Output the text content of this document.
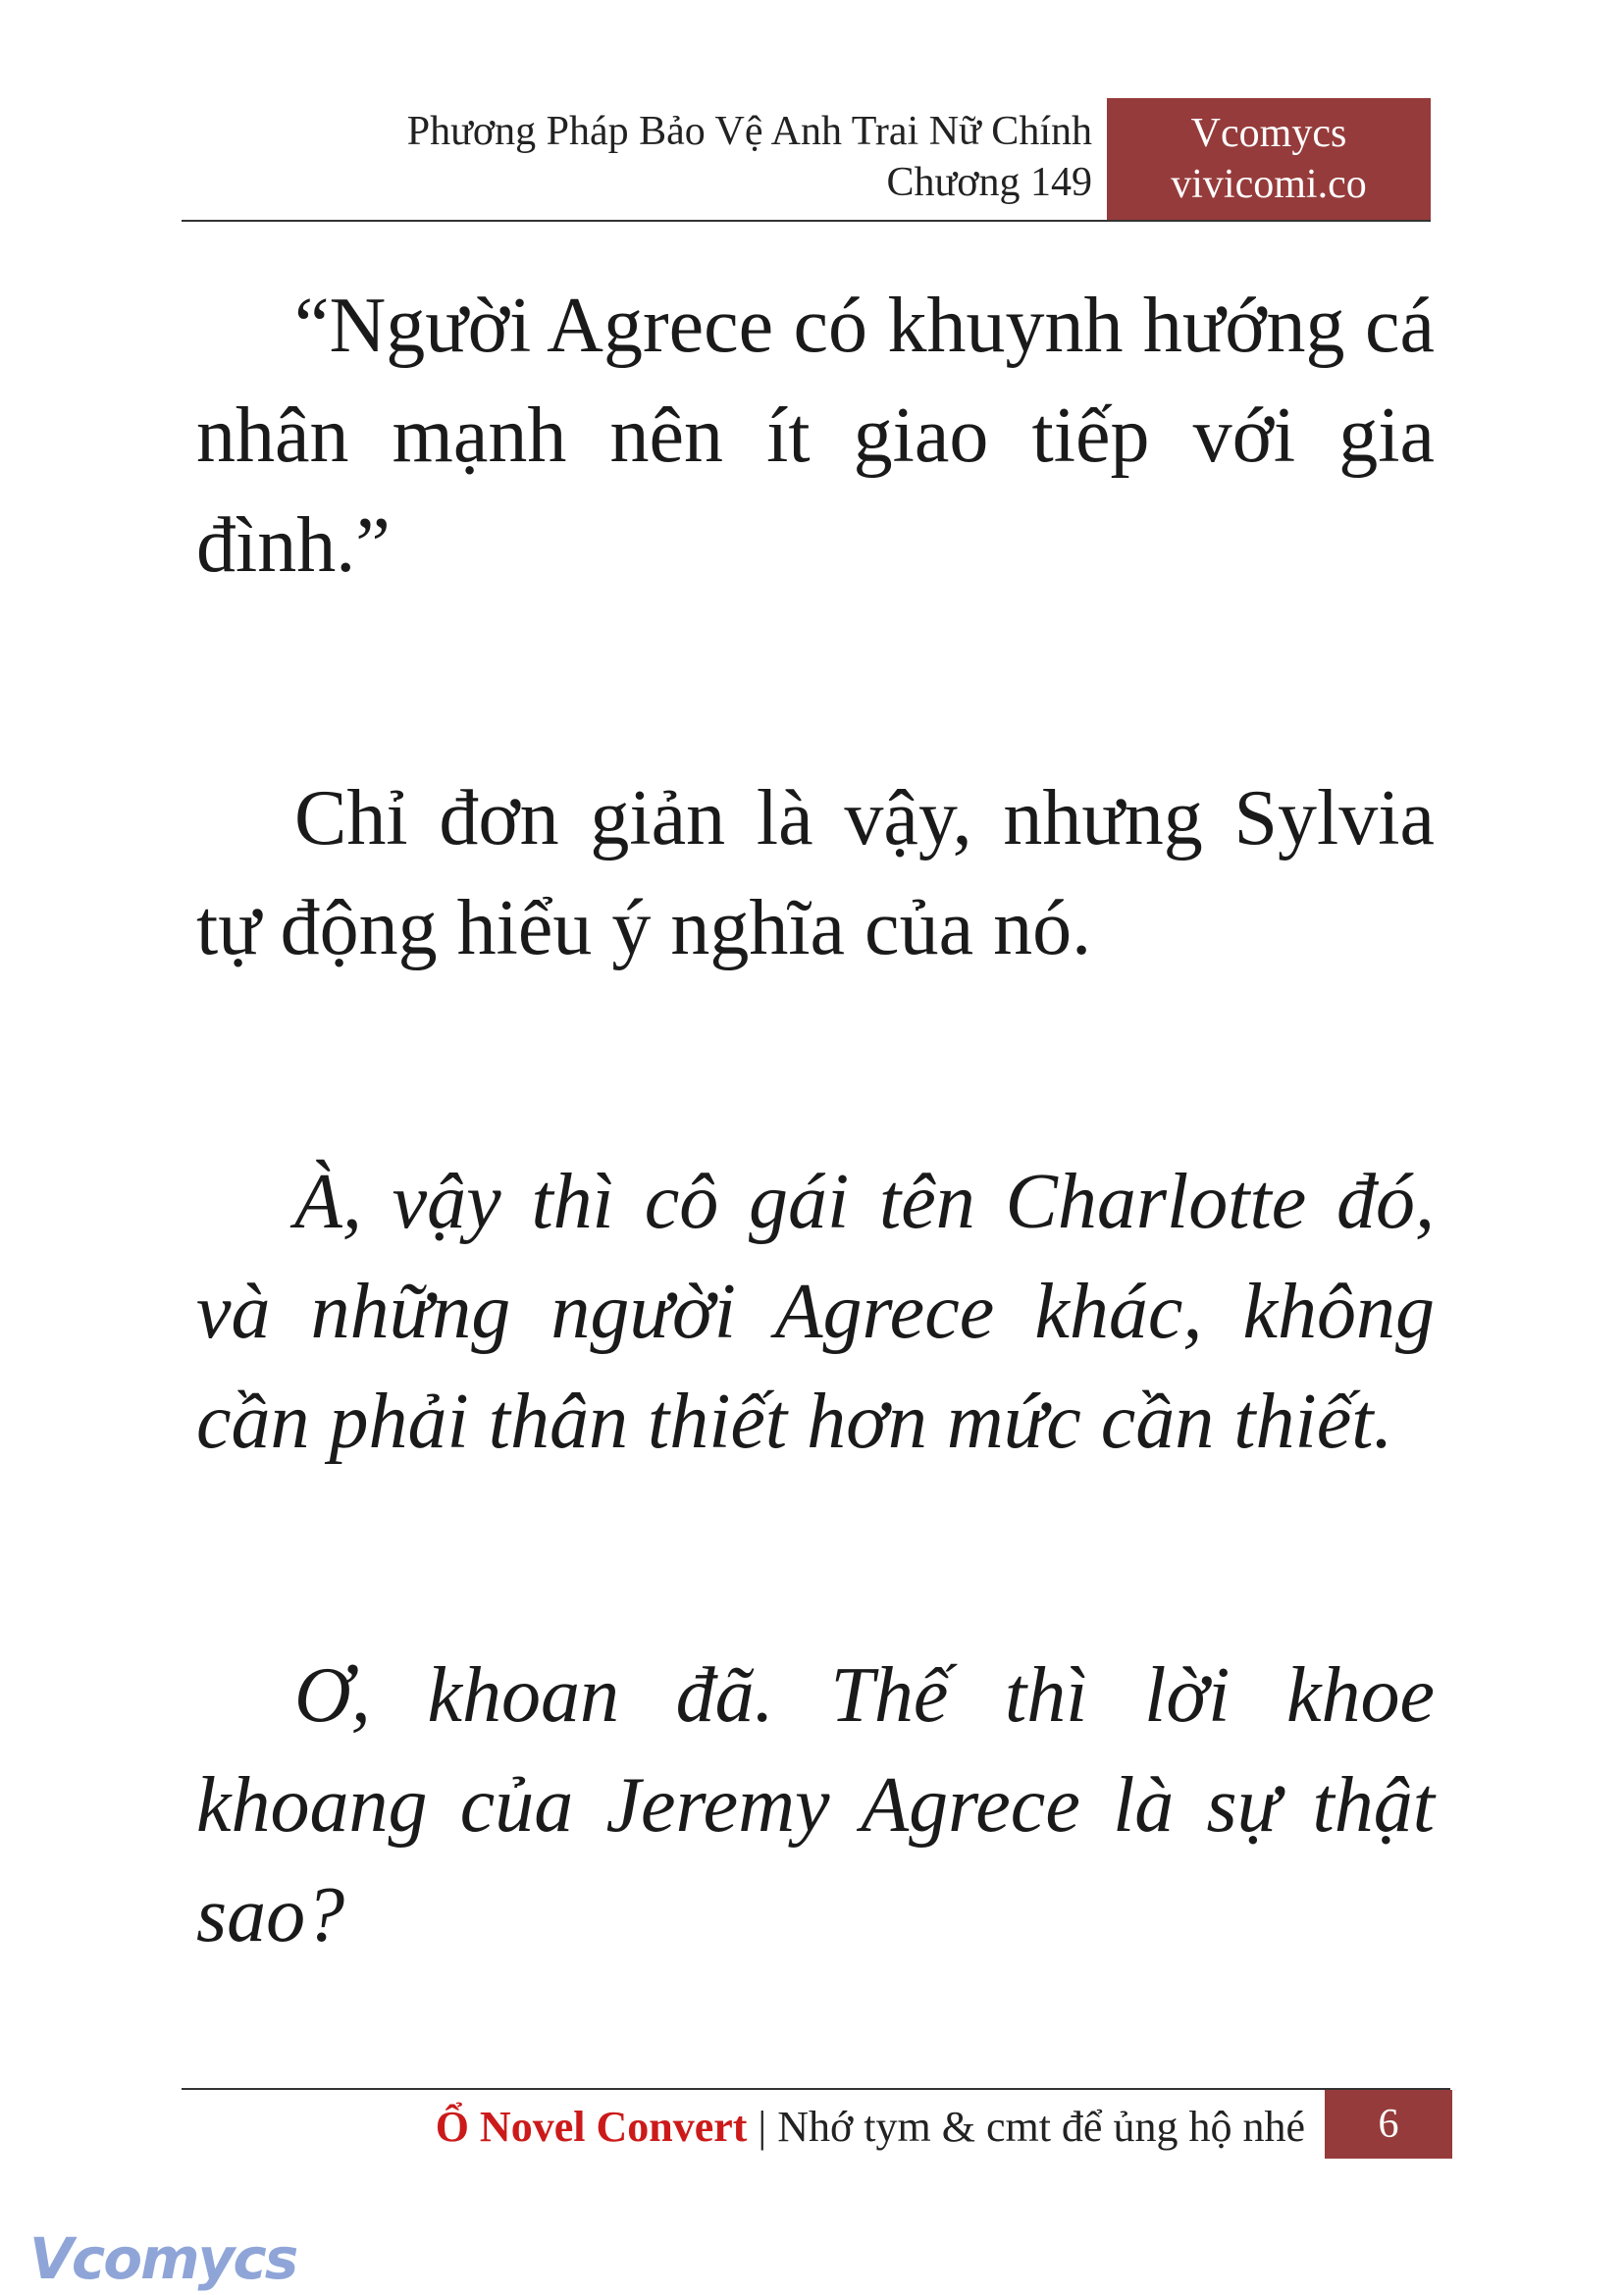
Phương Pháp Bảo Vệ Anh Trai Nữ Chính
Chương 149
Vcomycs
vivicomi.co

“Người Agrece có khuynh hướng cá nhân mạnh nên ít giao tiếp với gia đình.”

Chỉ đơn giản là vậy, nhưng Sylvia tự động hiểu ý nghĩa của nó.

À, vậy thì cô gái tên Charlotte đó, và những người Agrece khác, không cần phải thân thiết hơn mức cần thiết.

Ơ, khoan đã. Thế thì lời khoe khoang của Jeremy Agrece là sự thật sao?

Ổ Novel Convert | Nhớ tym & cmt để ủng hộ nhé	6
Vcomycs
